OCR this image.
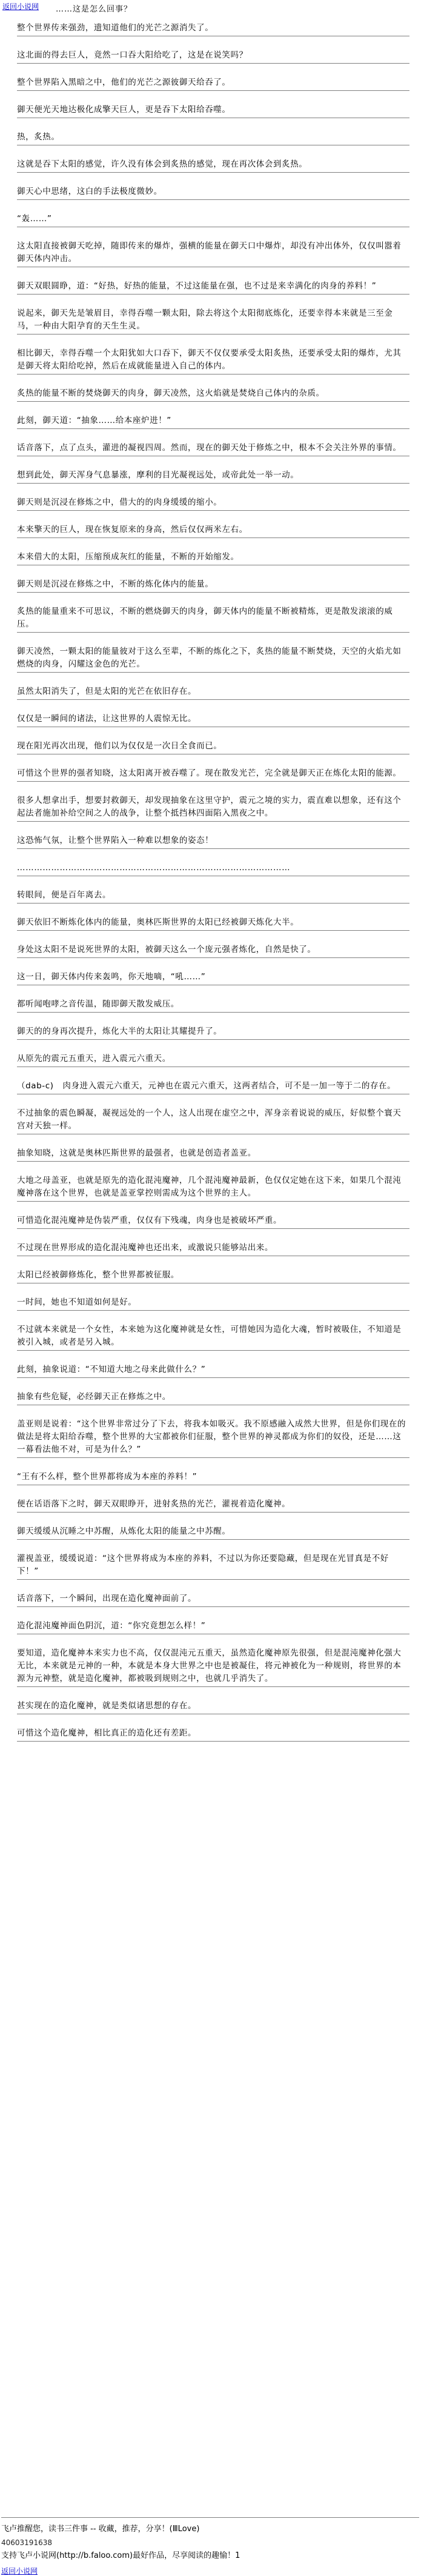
返回小说网 ……这是怎么回事？
整个世界传来强劲，遗知道他们的光芒之源消失了。
这北面的得去巨人，竟然一口吞大阳给吃了，这是在说笑吗？
整个世界陷入黑暗之中，他们的光芒之源彼御天给吞了。
御天便光天地达极化成擎天巨人，更是吞下太阳给吞噬。
热，炙热。
这就是吞下太阳的感觉，许久没有体会到炙热的感觉，现在再次体会到炙热。
御天心中思绪，这白的手法极度微妙。
“轰……”
这太阳直接被御天吃掉，随即传来的爆炸，强横的能量在御天口中爆炸，却没有冲出体外，仅仅叫嚣着御天体内冲击。
御天双眼圆睁，道：“好热，好热的能量，不过这能量在强，也不过是来幸满化的肉身的养料！”
说起来，御天先是皱眉目，幸得吞噬一颗太阳，除去将这个太阳彻底炼化，还要幸得本来就是三至金马，一种由大阳孕育的天生生灵。
相比御天，幸得吞噬一个太阳犹如大口吞下，御天不仅仅要承受太阳炙热，还要承受太阳的爆炸，尤其是御天将太阳给吃掉，然后在成就能量进入自己的体内。
炙热的能量不断的焚烧御天的肉身，御天凌然，这火焰就是焚烧自己体内的杂质。
此刻，御天道：“抽象……给本座炉进！”
话音落下，点了点头，灌进的凝视四周。然而，现在的御天处于修炼之中，根本不会关注外界的事情。
想到此处，御天浑身气息暴涨，摩利的目光凝视远处，或帝此处一举一动。
御天则是沉浸在修炼之中，借大的的肉身缓缓的缩小。
本来擎天的巨人，现在恢复原来的身高，然后仅仅两米左右。
本来借大的太阳，压缩预成灰红的能量，不断的开始缩发。
御天则是沉浸在修炼之中，不断的炼化体内的能量。
炙热的能量重来不可思议，不断的燃烧御天的肉身，御天体内的能量不断被精炼，更是散发滚滚的威压。
御天凌然，一颗太阳的能量彼对于这么至辈，不断的炼化之下，炙热的能量不断焚烧，天空的火焰尤如燃烧的肉身，闪耀这金色的光芒。
虽然太阳消失了，但是太阳的光芒在依旧存在。
仅仅是一瞬间的诸法，让这世界的人震惊无比。
现在阳光再次出现，他们以为仅仅是一次日全食而已。
可惜这个世界的强者知晓，这太阳离开被吞噬了。现在散发光芒，完全就是御天正在炼化太阳的能源。
很多人想拿出手，想要封救御天，却发现抽象在这里守护，震元之境的实力，震直难以想象，还有这个起法者施加补给空间之人的战争，让整个抵挡林四面陷入黑夜之中。
这恐怖气氛，让整个世界陷入一种难以想象的姿态！
……………………………………………………………………………………
转眼间，便是百年离去。
御天依旧不断炼化体内的能量，奥林匹斯世界的太阳已经被御天炼化大半。
身处这太阳不是说死世界的太阳，被御天这么一个庞元强者炼化，自然是快了。
这一日，御天体内传来轰鸣，你天地嘀，“吼……”
都听闻咆哮之音传温，随即御天散发威压。
御天的的身再次提升，炼化大半的太阳让其耀提升了。
从原先的震元五重天，进入震元六重天。
（dab-c)   肉身进入震元六重天，元神也在震元六重天，这两者结合，可不是一加一等于二的存在。
不过抽象的震色瞬凝，凝视远处的一个人，这人出现在虚空之中，浑身亲着说说的威压，好似整个寰天宫对天独一样。
抽象知晓，这就是奥林匹斯世界的最强者，也就是创造者盖亚。
大地之母盖亚，也就是原先的造化混沌魔神，几个混沌魔神最新，色仅仅定她在这下来，如果几个混沌魔神落在这个世界，也就是盖亚掌控则需成为这个世界的主人。
可惜造化混沌魔神是伪装严重，仅仅有下残魂，肉身也是被破坏严重。
不过现在世界形成的造化混沌魔神也还出来，或激说只能够站出来。
太阳已经被御修炼化，整个世界都被征服。
一时间，她也不知道如何是好。
不过就本来就是一个女性，本来她为这化魔神就是女性，可惜她因为造化大魂，暂时被吸住，不知道是被引入城，或者是另入城。
此刻，抽象说道：“不知道大地之母来此做什么？”
抽象有些危疑，必经御天正在修炼之中。
盖亚则是说着：“这个世界非常过分了下去，将我本如吸灭。我不原感融入成然大世界，但是你们现在的做法是将太阳给吞噬，整个世界的大宝都被你们征服，整个世界的神灵都成为你们的奴役，还是……这一幕看法他不对，可是为什么？”
“王有不么样，整个世界都将成为本座的养料！”
便在话语落下之时，御天双眼睁开，进射炙热的光芒，灌视着造化魔神。
御天缓缓从沉睡之中苏醒，从炼化太阳的能量之中苏醒。
灌视盖亚，缓缓说道：“这个世界将成为本座的养料，不过以为你还要隐藏，但是现在光冒真是不好下！”
话音落下，一个瞬间，出现在造化魔神面前了。
造化混沌魔神面色阴沉，道：“你究竟想怎么样！”
要知道，造化魔神本来实力也不高，仅仅混沌元五重天，虽然造化魔神原先很强，但是混沌魔神化强大无比，本来就是元神的一种，本就是本身大世界之中也是被凝住，将元神被化为一种规则，将世界的本源为元神整，就是造化魔神，都被吸到规则之中，也就几乎消失了。
甚实现在的造化魔神，就是类似诸思想的存在。
可惜这个造化魔神，相比真正的造化还有差距。
飞卢推醒您，读书三件事 -- 收藏，推荐，分享！(ⅢLove)
40603191638
支持飞卢小说网(http://b.faloo.com)最好作品，尽享阅读的趣愉！1
返回小说网
